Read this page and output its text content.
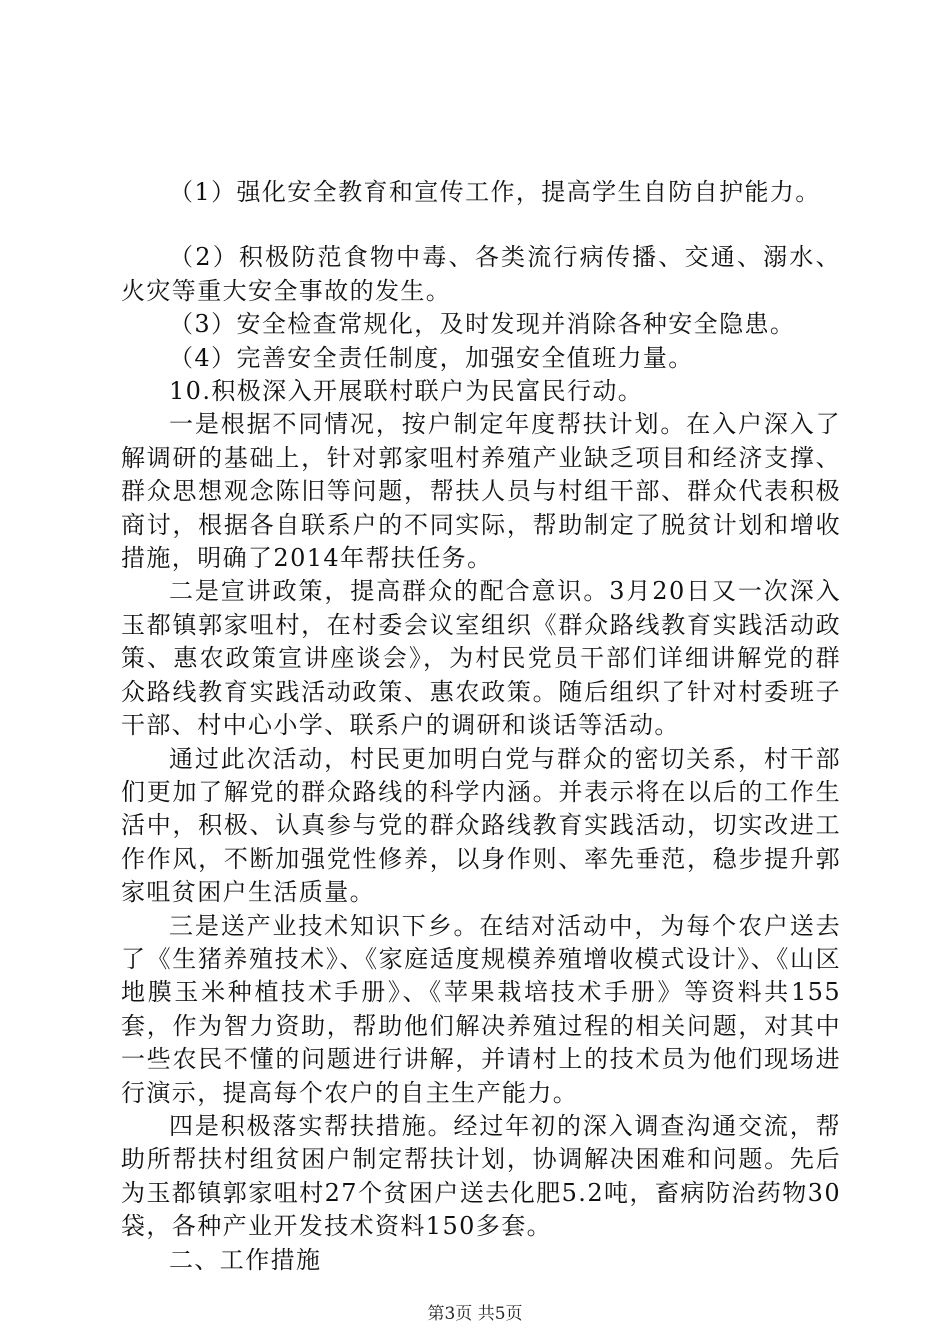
（1）强化安全教育和宣传工作，提高学生自防自护能力。

（2）积极防范食物中毒、各类流行病传播、交通、溺水、火灾等重大安全事故的发生。

（3）安全检查常规化，及时发现并消除各种安全隐患。

（4）完善安全责任制度，加强安全值班力量。

10.积极深入开展联村联户为民富民行动。

一是根据不同情况，按户制定年度帮扶计划。在入户深入了解调研的基础上，针对郭家咀村养殖产业缺乏项目和经济支撑、群众思想观念陈旧等问题，帮扶人员与村组干部、群众代表积极商讨，根据各自联系户的不同实际，帮助制定了脱贫计划和增收措施，明确了2014年帮扶任务。

二是宣讲政策，提高群众的配合意识。3月20日又一次深入玉都镇郭家咀村，在村委会议室组织《群众路线教育实践活动政策、惠农政策宣讲座谈会》，为村民党员干部们详细讲解党的群众路线教育实践活动政策、惠农政策。随后组织了针对村委班子干部、村中心小学、联系户的调研和谈话等活动。

通过此次活动，村民更加明白党与群众的密切关系，村干部们更加了解党的群众路线的科学内涵。并表示将在以后的工作生活中，积极、认真参与党的群众路线教育实践活动，切实改进工作作风，不断加强党性修养，以身作则、率先垂范，稳步提升郭家咀贫困户生活质量。

三是送产业技术知识下乡。在结对活动中，为每个农户送去了《生猪养殖技术》、《家庭适度规模养殖增收模式设计》、《山区地膜玉米种植技术手册》、《苹果栽培技术手册》等资料共155套，作为智力资助，帮助他们解决养殖过程的相关问题，对其中一些农民不懂的问题进行讲解，并请村上的技术员为他们现场进行演示，提高每个农户的自主生产能力。

四是积极落实帮扶措施。经过年初的深入调查沟通交流，帮助所帮扶村组贫困户制定帮扶计划，协调解决困难和问题。先后为玉都镇郭家咀村27个贫困户送去化肥5.2吨，畜病防治药物30袋，各种产业开发技术资料150多套。

二、工作措施

第3页 共5页
